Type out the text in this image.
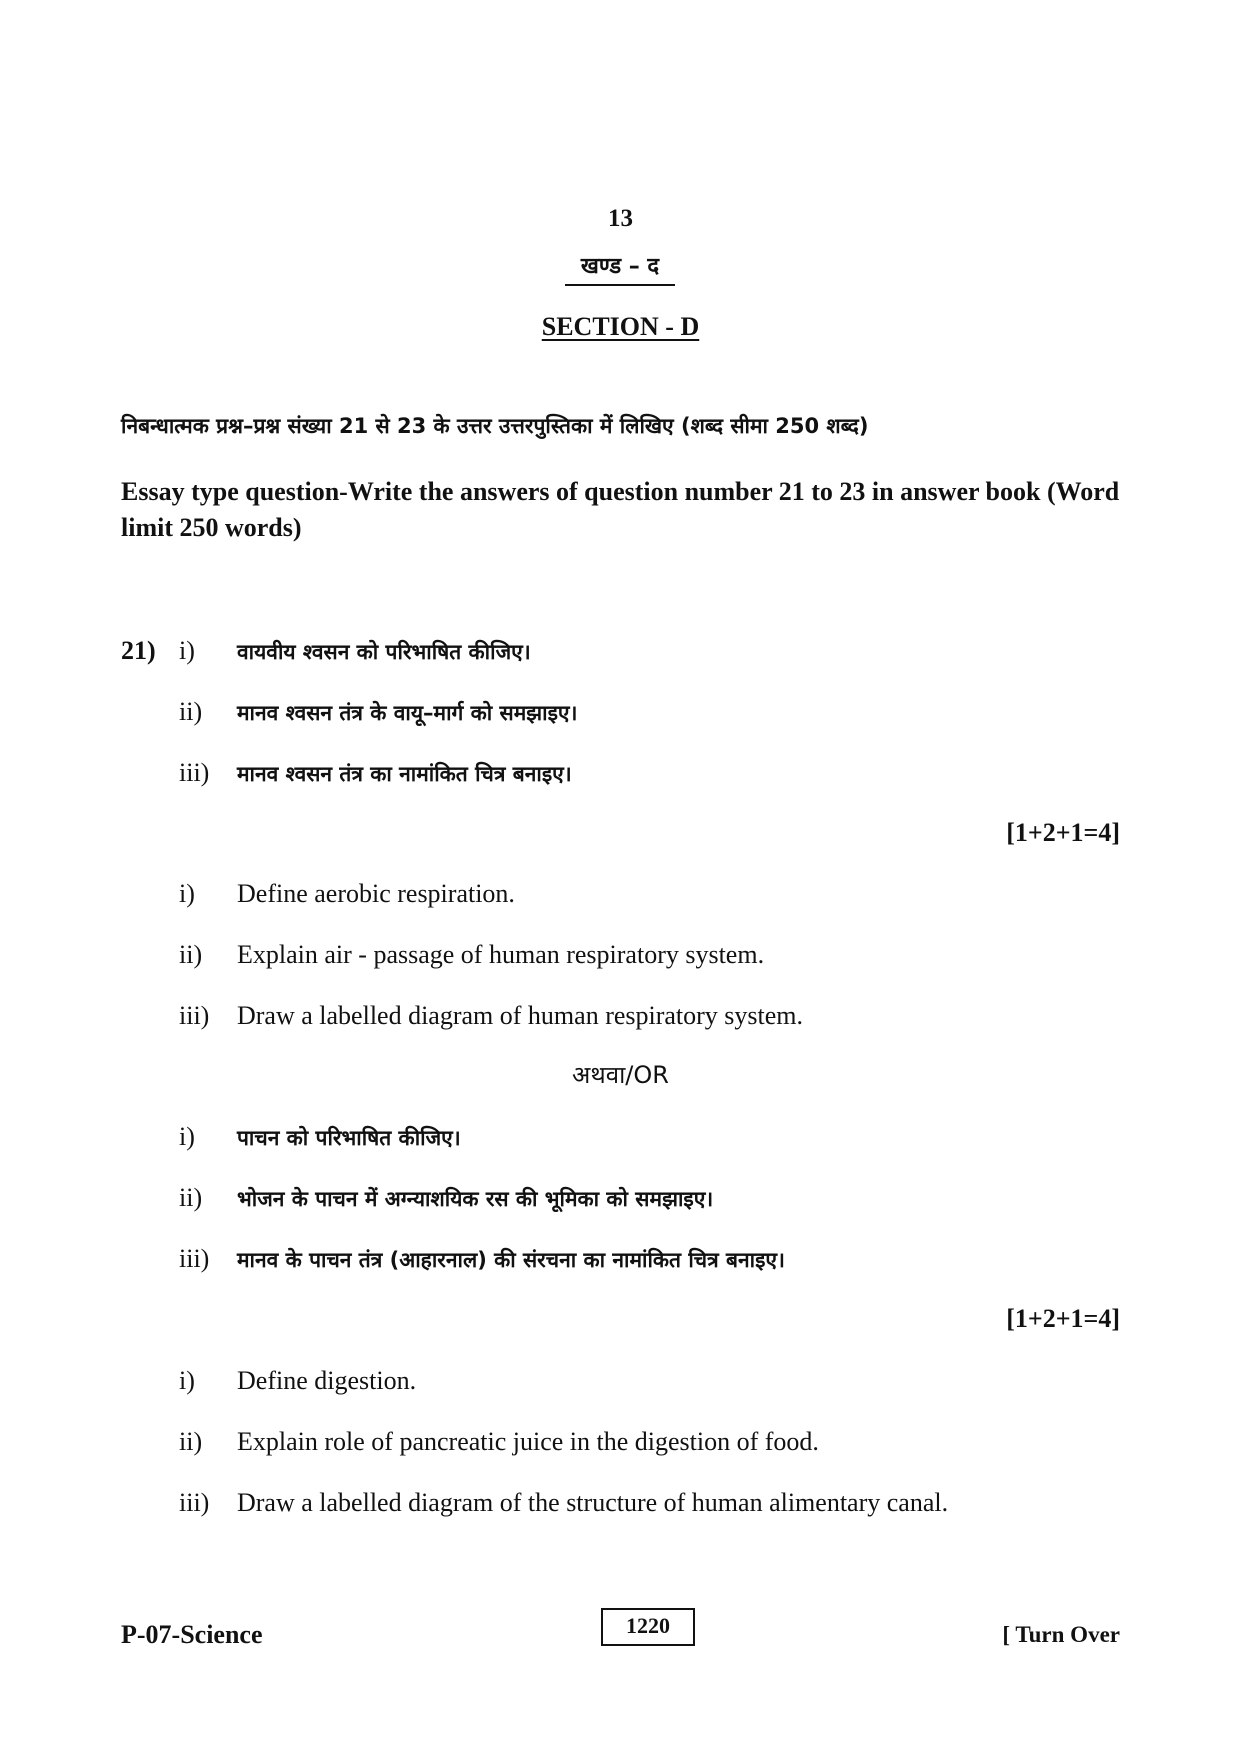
13
खण्ड – द
SECTION - D
निबन्धात्मक प्रश्न–प्रश्न संख्या 21 से 23 के उत्तर उत्तरपुस्तिका में लिखिए (शब्द सीमा 250 शब्द)
Essay type question-Write the answers of question number 21 to 23 in answer book (Word limit 250 words)
21) i) वायवीय श्वसन को परिभाषित कीजिए।
ii) मानव श्वसन तंत्र के वायू–मार्ग को समझाइए।
iii) मानव श्वसन तंत्र का नामांकित चित्र बनाइए।
[1+2+1=4]
i) Define aerobic respiration.
ii) Explain air - passage of human respiratory system.
iii) Draw a labelled diagram of human respiratory system.
अथवा/OR
i) पाचन को परिभाषित कीजिए।
ii) भोजन के पाचन में अग्न्याशयिक रस की भूमिका को समझाइए।
iii) मानव के पाचन तंत्र (आहारनाल) की संरचना का नामांकित चित्र बनाइए।
[1+2+1=4]
i) Define digestion.
ii) Explain role of pancreatic juice in the digestion of food.
iii) Draw a labelled diagram of the structure of human alimentary canal.
P-07-Science	1220	[ Turn Over
